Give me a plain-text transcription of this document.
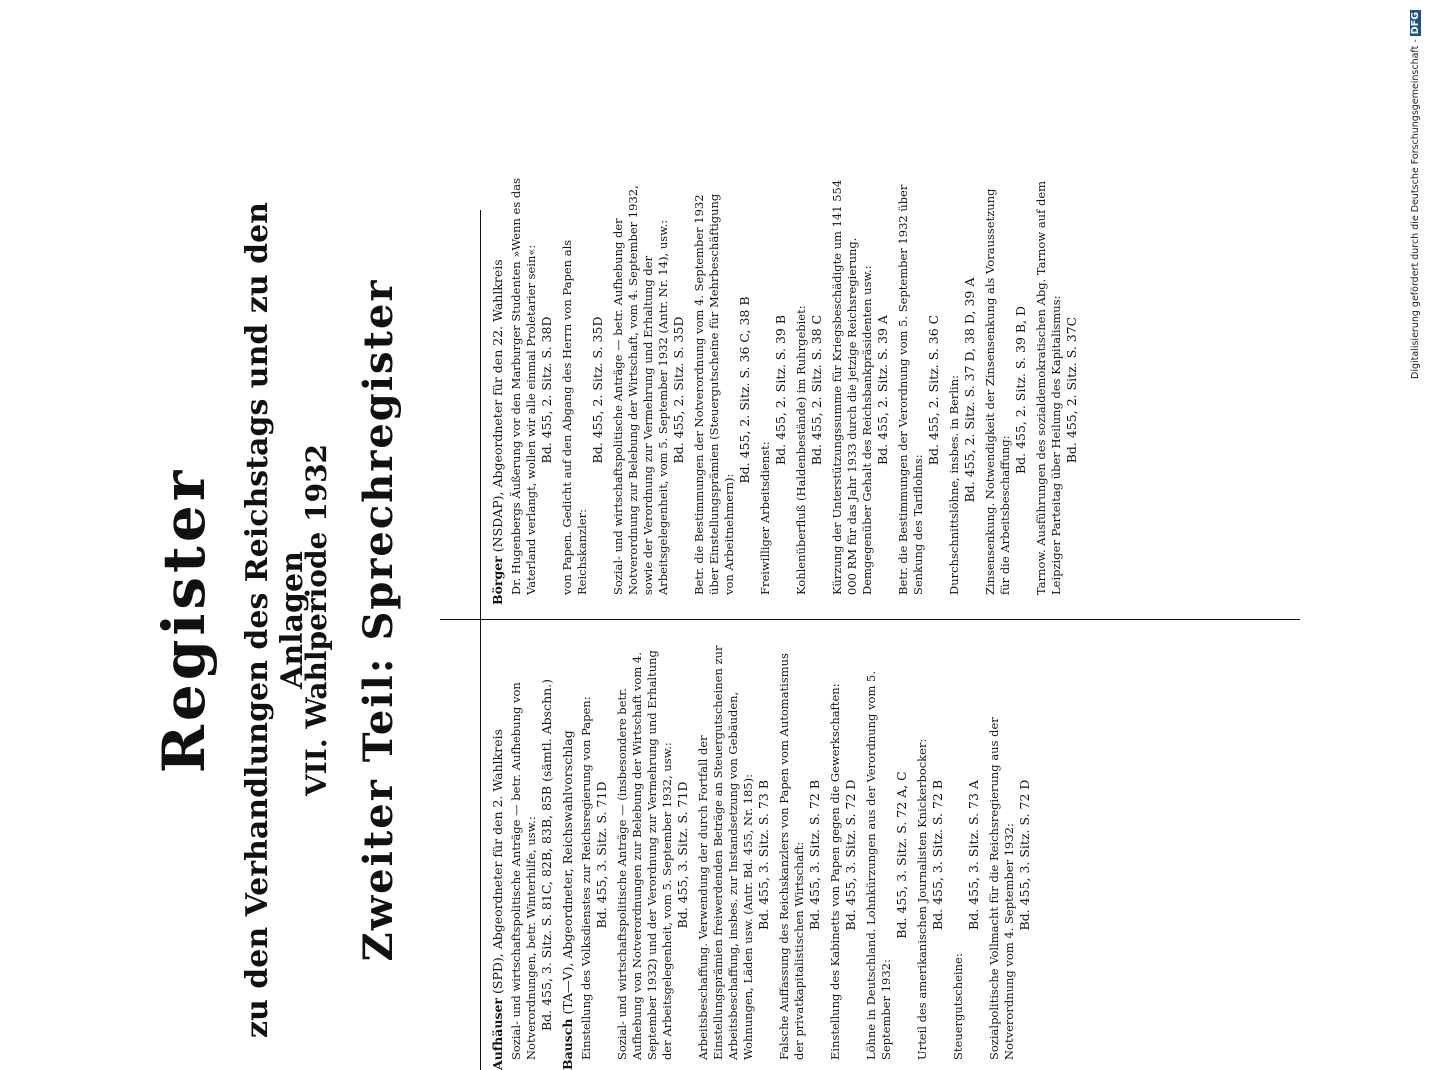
Register zu den Verhandlungen des Reichstags und zu den Anlagen
VII. Wahlperiode 1932 Zweiter Teil: Sprechregister
Aufhäuser (SPD), Abgeordneter für den 2. Wahlkreis Sozial- und wirtschaftspolitische Anträge — betr. Aufhebung von Notverordnungen, betr. Winterhilfe, usw.: Bd. 455, 3. Sitz. S. 81C, 82B, 83B, 85B (sämtl. Abschn.)
Bausch (TA—V), Abgeordneter, Reichswahlvorschlag Einstellung des Volksdienstes zur Reichsregierung von Papen: Bd. 455, 3. Sitz. S. 71D Sozial- und wirtschaftspolitische Anträge — (insbesondere betr. Aufhebung von Notverordnungen zur Belebung der Wirtschaft vom 4. September 1932) und der Verordnung zur Vermehrung und Erhaltung der Arbeitsgelegenheit, vom 5. September 1932, usw.: Bd. 455, 3. Sitz. S. 71D Arbeitsbeschaffung. Verwendung der durch Fortfall der Einstellungsprämien freiwerdenden Beträge an Steuergutscheinen zur Arbeitsbeschaffung, insbes. zur Instandsetzung von Gebäuden, Wohnungen, Läden usw. (Antr. Bd. 455, Nr. 185): Bd. 455, 3. Sitz. S. 73 B Falsche Auffassung des Reichskanzlers von Papen vom Automatismus der privatkapitalistischen Wirtschaft: Bd. 455, 3. Sitz. S. 72 B Einstellung des Kabinetts von Papen gegen die Gewerkschaften: Bd. 455, 3. Sitz. S. 72 D Löhne in Deutschland. Lohnkürzungen aus der Verordnung vom 5. September 1932:
Bd. 455, 3. Sitz. S. 72 A, C Urteil des amerikanischen Journalisten Knickerbocker: Bd. 455, 3. Sitz. S. 72 B
Steuergutscheine:
Bd. 455, 3. Sitz. S. 73 A Sozialpolitische Vollmacht für die Reichsregierung aus der Notverordnung vom 4. September 1932: Bd. 455, 3. Sitz. S. 72 D
Börger (NSDAP), Abgeordneter für den 22. Wahlkreis Dr. Hugenbergs Äußerung vor den Marburger Studenten »Wenn es das Vaterland verlangt, wollen wir alle einmal Proletarier sein«: Bd. 455, 2. Sitz. S. 38D von Papen. Gedicht auf den Abgang des Herrn von Papen als Reichskanzler:
Bd. 455, 2. Sitz. S. 35D Sozial- und wirtschaftspolitische Anträge — betr. Aufhebung der Notverordnung zur Belebung der Wirtschaft, vom 4. September 1932, sowie der Verordnung zur Vermehrung und Erhaltung der Arbeitsgelegenheit, vom 5. September 1932 (Antr. Nr. 14), usw.: Bd. 455, 2. Sitz. S. 35D Betr. die Bestimmungen der Notverordnung vom 4. September 1932 über Einstellungsprämien (Steuergutscheine für Mehrbeschäftigung von Arbeitnehmern):
Bd. 455, 2. Sitz. S. 36 C, 38 B
Freiwilliger Arbeitsdienst:
Bd. 455, 2. Sitz. S. 39 B Kohlenüberfluß (Haldenbestände) im Ruhrgebiet: Bd. 455, 2. Sitz. S. 38 C Kürzung der Unterstützungssumme für Kriegsbeschädigte um 141 554 000 RM für das Jahr 1933 durch die jetzige Reichsregierung. Demgegenüber Gehalt des Reichsbankpräsidenten usw.: Bd. 455, 2. Sitz. S. 39 A Betr. die Bestimmungen der Verordnung vom 5. September 1932 über Senkung des Tariflohns:
Bd. 455, 2. Sitz. S. 36 C Durchschnittslöhne, insbes. in Berlin: Bd. 455, 2. Sitz. S. 37 D, 38 D, 39 A Zinsensenkung. Notwendigkeit der Zinsensenkung als Voraussetzung für die Arbeitsbeschaffung:
Bd. 455, 2. Sitz. S. 39 B, D Tarnow. Ausführungen des sozialdemokratischen Abg. Tarnow auf dem Leipziger Parteitag über Heilung des Kapitalismus: Bd. 455, 2. Sitz. S. 37C
Digitalisierung gefördert durch die Deutsche Forschungsgemeinschaft - DFG
